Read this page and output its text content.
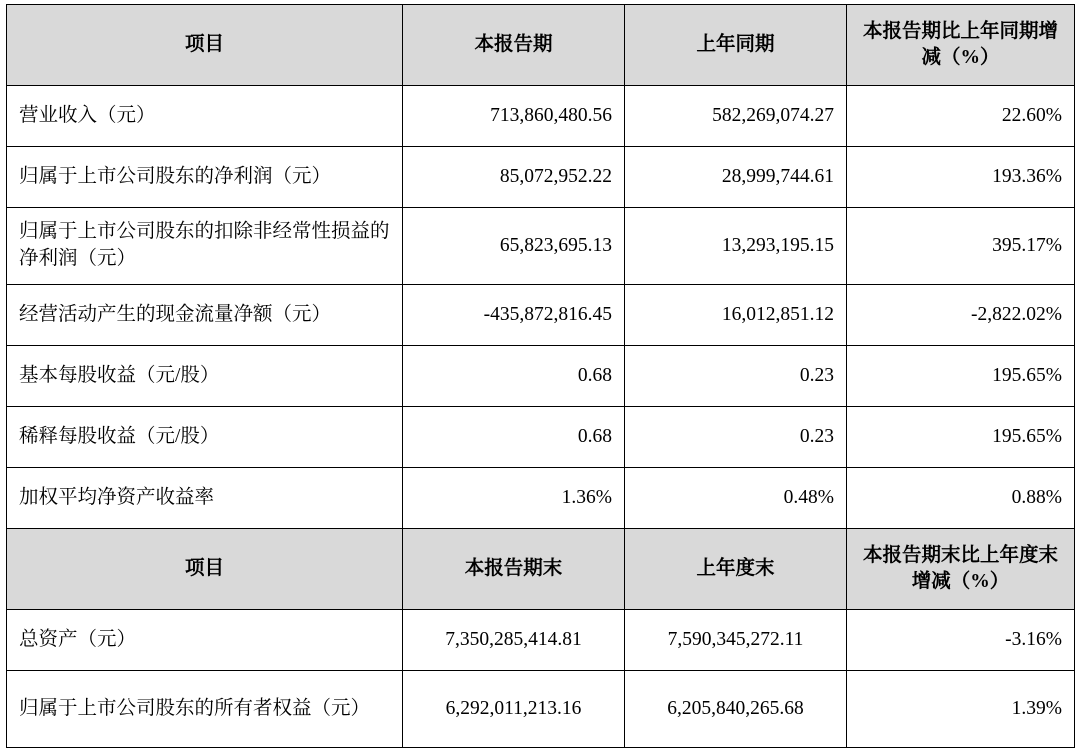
项目	本报告期	上年同期	本报告期比上年同期增减（%）
营业收入（元）	713,860,480.56	582,269,074.27	22.60%
归属于上市公司股东的净利润（元）	85,072,952.22	28,999,744.61	193.36%
归属于上市公司股东的扣除非经常性损益的净利润（元）	65,823,695.13	13,293,195.15	395.17%
经营活动产生的现金流量净额（元）	-435,872,816.45	16,012,851.12	-2,822.02%
基本每股收益（元/股）	0.68	0.23	195.65%
稀释每股收益（元/股）	0.68	0.23	195.65%
加权平均净资产收益率	1.36%	0.48%	0.88%
项目	本报告期末	上年度末	本报告期末比上年度末增减（%）
总资产（元）	7,350,285,414.81	7,590,345,272.11	-3.16%
归属于上市公司股东的所有者权益（元）	6,292,011,213.16	6,205,840,265.68	1.39%
